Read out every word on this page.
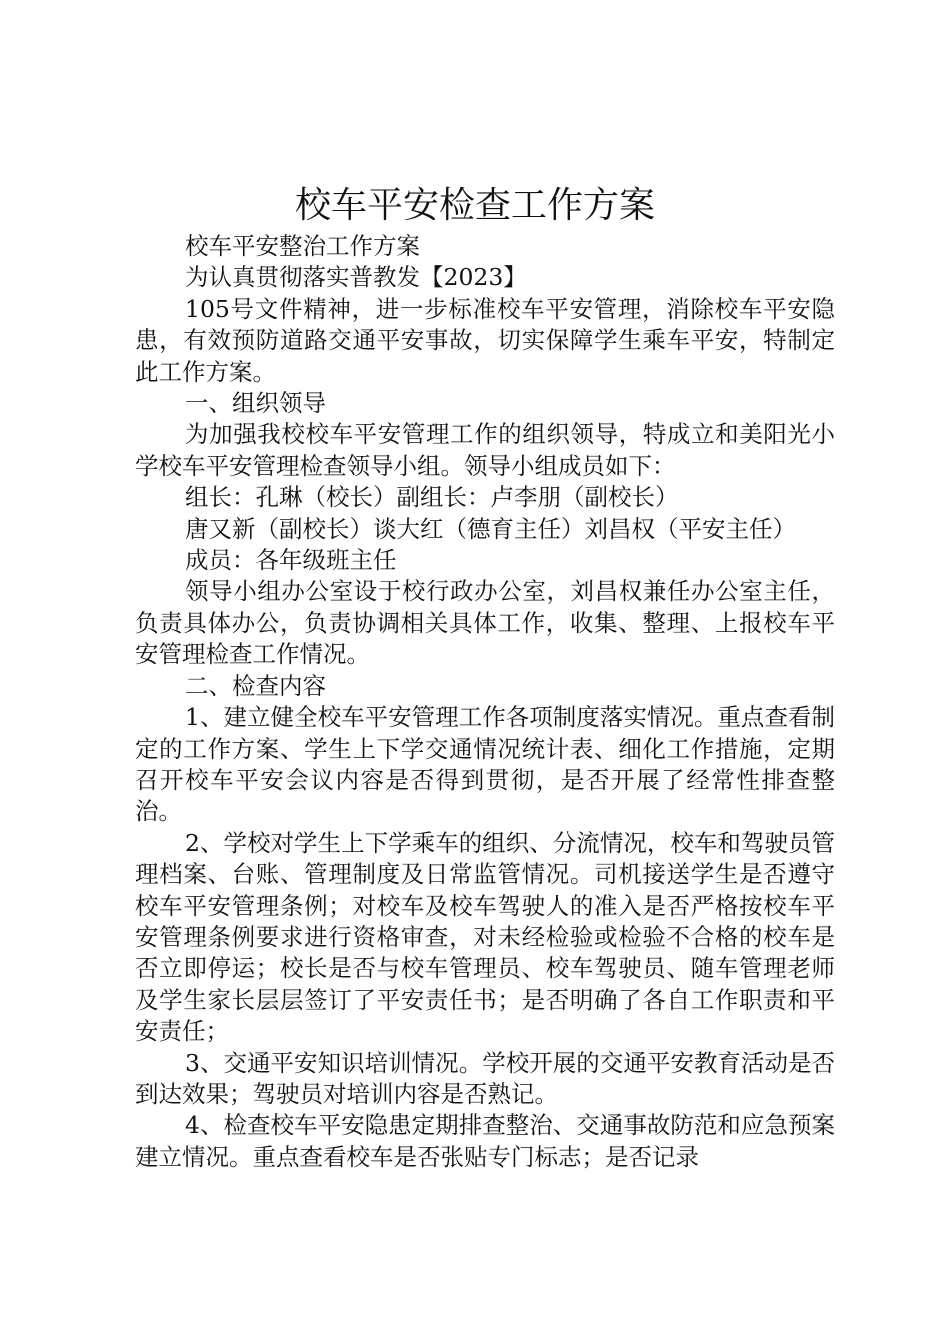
校车平安检查工作方案

校车平安整治工作方案

为认真贯彻落实普教发【2023】

105号文件精神，进一步标准校车平安管理，消除校车平安隐患，有效预防道路交通平安事故，切实保障学生乘车平安，特制定此工作方案。

一、组织领导

为加强我校校车平安管理工作的组织领导，特成立和美阳光小学校车平安管理检查领导小组。领导小组成员如下：

组长：孔琳（校长）副组长：卢李朋（副校长）

唐又新（副校长）谈大红（德育主任）刘昌权（平安主任）

成员：各年级班主任

领导小组办公室设于校行政办公室，刘昌权兼任办公室主任，负责具体办公，负责协调相关具体工作，收集、整理、上报校车平安管理检查工作情况。

二、检查内容

1、建立健全校车平安管理工作各项制度落实情况。重点查看制定的工作方案、学生上下学交通情况统计表、细化工作措施，定期召开校车平安会议内容是否得到贯彻，是否开展了经常性排查整治。

2、学校对学生上下学乘车的组织、分流情况，校车和驾驶员管理档案、台账、管理制度及日常监管情况。司机接送学生是否遵守校车平安管理条例；对校车及校车驾驶人的准入是否严格按校车平安管理条例要求进行资格审查，对未经检验或检验不合格的校车是否立即停运；校长是否与校车管理员、校车驾驶员、随车管理老师及学生家长层层签订了平安责任书；是否明确了各自工作职责和平安责任；

3、交通平安知识培训情况。学校开展的交通平安教育活动是否到达效果；驾驶员对培训内容是否熟记。

4、检查校车平安隐患定期排查整治、交通事故防范和应急预案建立情况。重点查看校车是否张贴专门标志；是否记录
